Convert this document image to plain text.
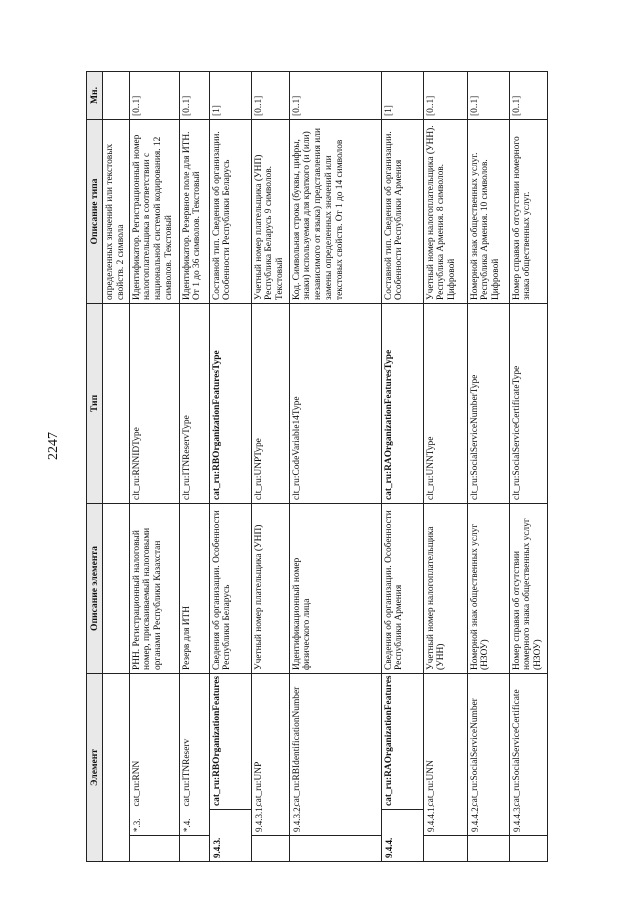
2247
Элемент			Описание элемента	Тип	Описание типа	Мн.
					определенных значений или текстовых свойств. 2 символа	
	*.3.	cat_ru:RNN	РНН. Регистрационный налоговый номер, присваиваемый налоговыми органами Республики Казахстан	clt_ru:RNNIDType	Идентификатор. Регистрационный номер налогоплательщика в соответствии с национальной системой кодирования. 12 символов. Текстовый	[0..1]
	*.4.	cat_ru:ITNReserv	Резерв для ИТН	clt_ru:ITNReservType	Идентификатор. Резервное поле для ИТН. От 1 до 36 символов. Текстовый	[0..1]
9.4.3.		cat_ru:RBOrganizationFeatures	Сведения об организации. Особенности Республики Беларусь	cat_ru:RBOrganizationFeaturesType	Составной тип. Сведения об организации. Особенности Республики Беларусь	[1]
	9.4.3.1.	cat_ru:UNP	Учетный номер плательщика (УНП)	clt_ru:UNPType	Учетный номер плательщика (УНП) Республика Беларусь 9 символов. Текстовый	[0..1]
	9.4.3.2.	cat_ru:RBIdentificationNumber	Идентификационный номер физического лица	clt_ru:CodeVariable14Type	Код. Символьная строка (буквы, цифры, знаки) используемая для краткого (и (или) независимого от языка) представления или замены определенных значений или текстовых свойств. От 1 до 14 символов	[0..1]
9.4.4.		cat_ru:RAOrganizationFeatures	Сведения об организации. Особенности Республики Армения	cat_ru:RAOrganizationFeaturesType	Составной тип. Сведения об организации. Особенности Республики Армения	[1]
	9.4.4.1.	cat_ru:UNN	Учетный номер налогоплательщика (УНН)	clt_ru:UNNType	Учетный номер налогоплательщика (УНН). Республика Армения. 8 символов. Цифровой	[0..1]
	9.4.4.2.	cat_ru:SocialServiceNumber	Номерной знак общественных услуг (НЗОУ)	clt_ru:SocialServiceNumberType	Номерной знак общественных услуг. Республика Армения. 10 символов. Цифровой	[0..1]
	9.4.4.3.	cat_ru:SocialServiceCertificate	Номер справки об отсутствии номерного знака общественных услуг (НЗОУ)	clt_ru:SocialServiceCertificateType	Номер справки об отсутствии номерного знака общественных услуг.	[0..1]
